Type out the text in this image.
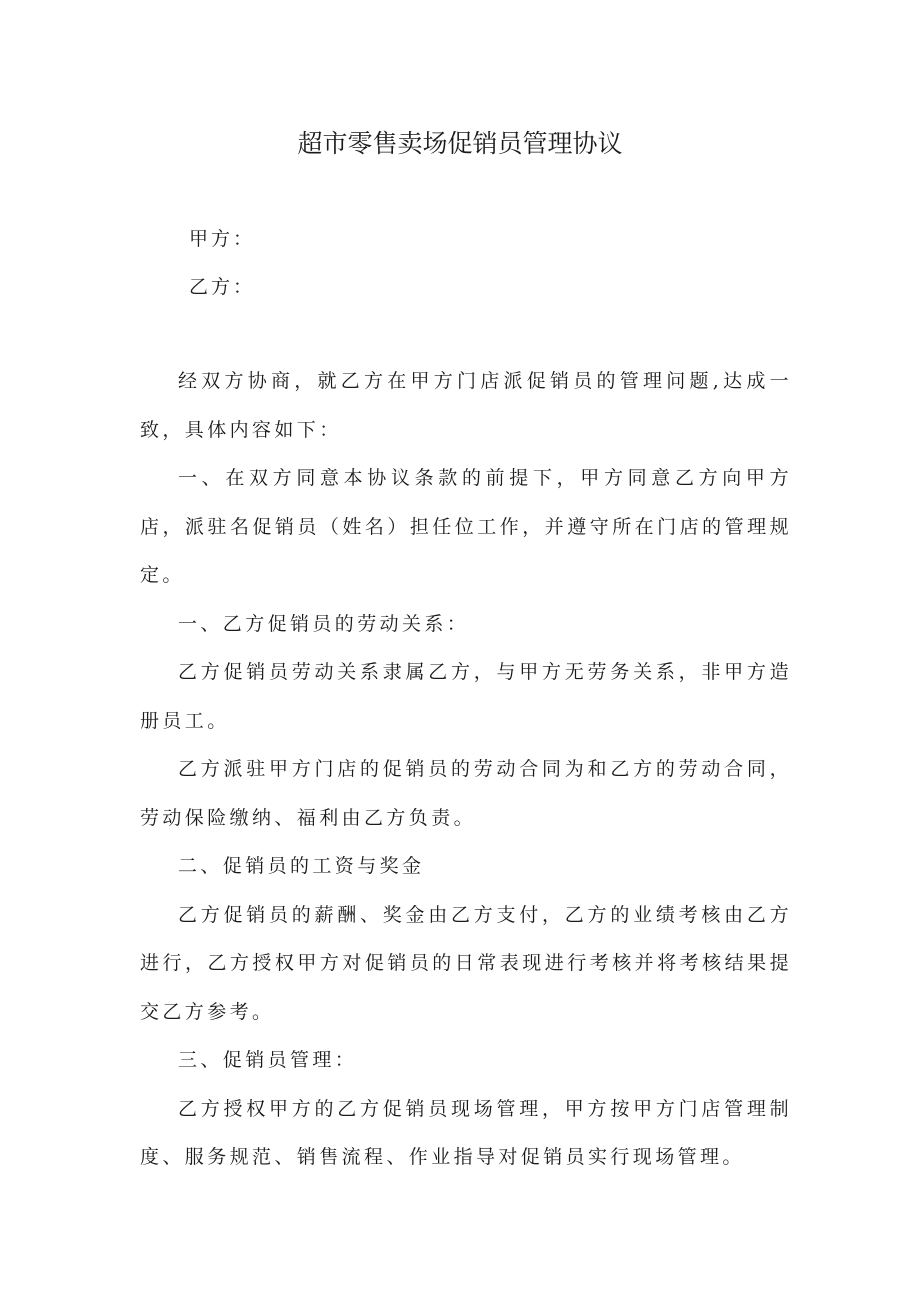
超市零售卖场促销员管理协议

甲方：

乙方：

经双方协商，就乙方在甲方门店派促销员的管理问题,达成一致，具体内容如下：

一、在双方同意本协议条款的前提下，甲方同意乙方向甲方店，派驻名促销员（姓名）担任位工作，并遵守所在门店的管理规定。

一、乙方促销员的劳动关系：

乙方促销员劳动关系隶属乙方，与甲方无劳务关系，非甲方造册员工。

乙方派驻甲方门店的促销员的劳动合同为和乙方的劳动合同，劳动保险缴纳、福利由乙方负责。

二、促销员的工资与奖金

乙方促销员的薪酬、奖金由乙方支付，乙方的业绩考核由乙方进行，乙方授权甲方对促销员的日常表现进行考核并将考核结果提交乙方参考。

三、促销员管理：

乙方授权甲方的乙方促销员现场管理，甲方按甲方门店管理制度、服务规范、销售流程、作业指导对促销员实行现场管理。
